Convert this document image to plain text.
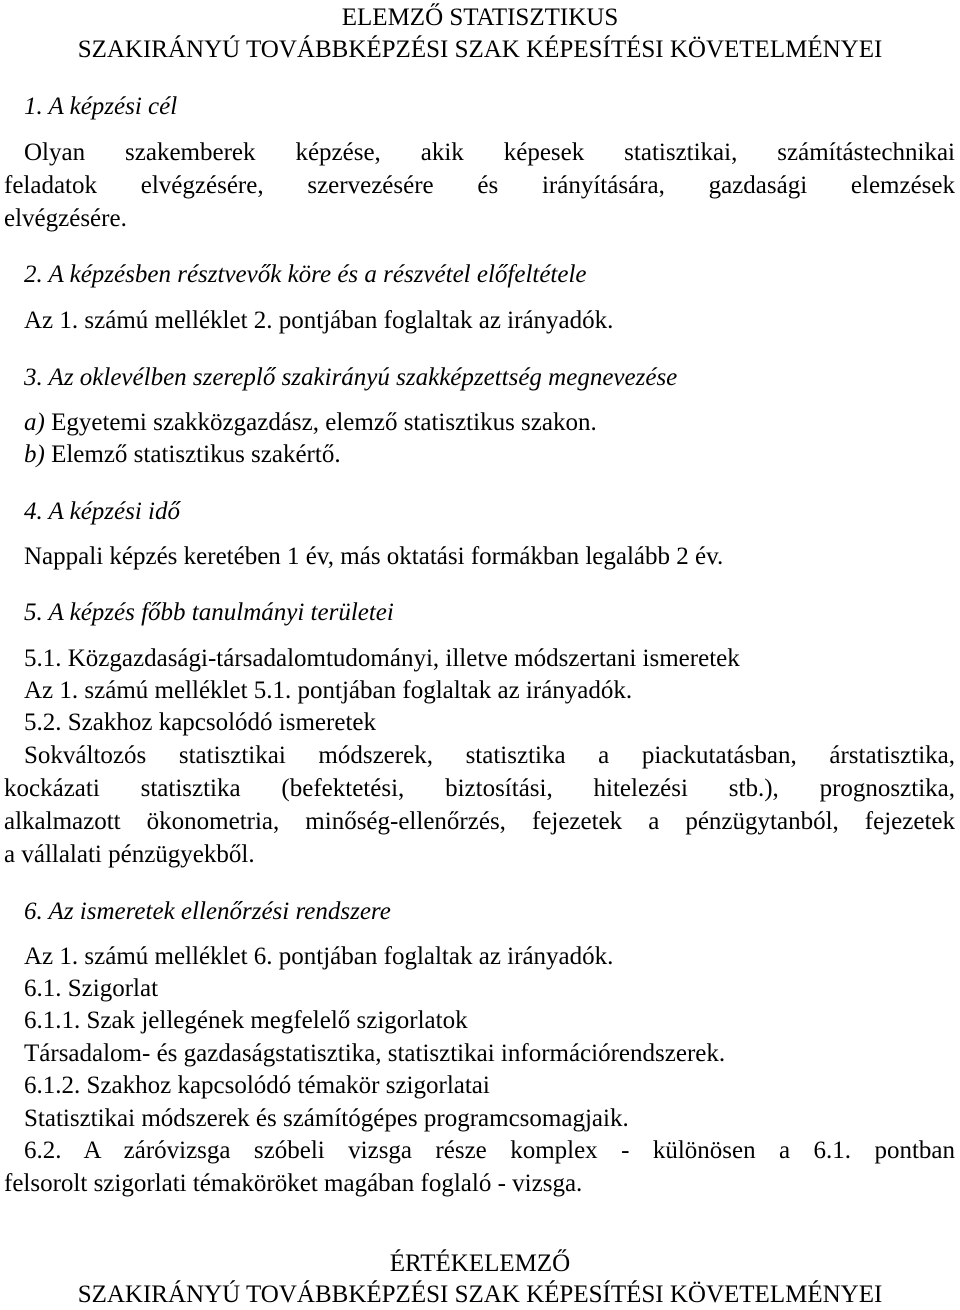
ELEMZŐ STATISZTIKUS
SZAKIRÁNYÚ TOVÁBBKÉPZÉSI SZAK KÉPESÍTÉSI KÖVETELMÉNYEI
1. A képzési cél
Olyan szakemberek képzése, akik képesek statisztikai, számítástechnikai
feladatok elvégzésére, szervezésére és irányítására, gazdasági elemzések
elvégzésére.
2. A képzésben résztvevők köre és a részvétel előfeltétele
Az 1. számú melléklet 2. pontjában foglaltak az irányadók.
3. Az oklevélben szereplő szakirányú szakképzettség megnevezése
a) Egyetemi szakközgazdász, elemző statisztikus szakon.
b) Elemző statisztikus szakértő.
4. A képzési idő
Nappali képzés keretében 1 év, más oktatási formákban legalább 2 év.
5. A képzés főbb tanulmányi területei
5.1. Közgazdasági-társadalomtudományi, illetve módszertani ismeretek
Az 1. számú melléklet 5.1. pontjában foglaltak az irányadók.
5.2. Szakhoz kapcsolódó ismeretek
Sokváltozós statisztikai módszerek, statisztika a piackutatásban, árstatisztika,
kockázati statisztika (befektetési, biztosítási, hitelezési stb.), prognosztika,
alkalmazott ökonometria, minőség-ellenőrzés, fejezetek a pénzügytanból, fejezetek
a vállalati pénzügyekből.
6. Az ismeretek ellenőrzési rendszere
Az 1. számú melléklet 6. pontjában foglaltak az irányadók.
6.1. Szigorlat
6.1.1. Szak jellegének megfelelő szigorlatok
Társadalom- és gazdaságstatisztika, statisztikai információrendszerek.
6.1.2. Szakhoz kapcsolódó témakör szigorlatai
Statisztikai módszerek és számítógépes programcsomagjaik.
6.2. A záróvizsga szóbeli vizsga része komplex - különösen a 6.1. pontban
felsorolt szigorlati témaköröket magában foglaló - vizsga.
ÉRTÉKELEMZŐ
SZAKIRÁNYÚ TOVÁBBKÉPZÉSI SZAK KÉPESÍTÉSI KÖVETELMÉNYEI
